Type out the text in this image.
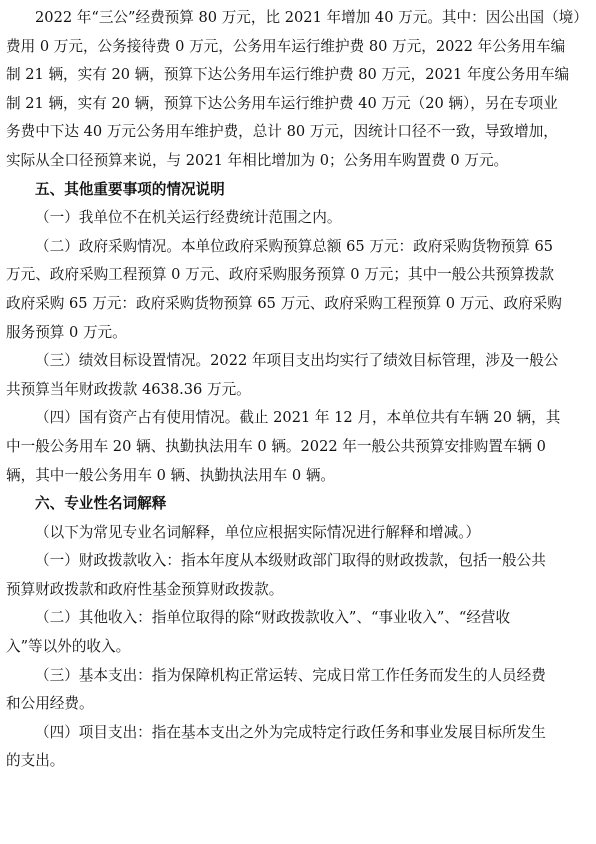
2022 年“三公”经费预算 80 万元，比 2021 年增加 40 万元。其中：因公出国（境）
费用 0 万元，公务接待费 0 万元，公务用车运行维护费 80 万元，2022 年公务用车编
制 21 辆，实有 20 辆，预算下达公务用车运行维护费 80 万元，2021 年度公务用车编
制 21 辆，实有 20 辆，预算下达公务用车运行维护费 40 万元（20 辆），另在专项业
务费中下达 40 万元公务用车维护费，总计 80 万元，因统计口径不一致，导致增加，
实际从全口径预算来说，与 2021 年相比增加为 0；公务用车购置费 0 万元。
五、其他重要事项的情况说明
（一）我单位不在机关运行经费统计范围之内。
（二）政府采购情况。本单位政府采购预算总额 65 万元：政府采购货物预算 65
万元、政府采购工程预算 0 万元、政府采购服务预算 0 万元；其中一般公共预算拨款
政府采购 65 万元：政府采购货物预算 65 万元、政府采购工程预算 0 万元、政府采购
服务预算 0 万元。
（三）绩效目标设置情况。2022 年项目支出均实行了绩效目标管理，涉及一般公
共预算当年财政拨款 4638.36 万元。
（四）国有资产占有使用情况。截止 2021 年 12 月，本单位共有车辆 20 辆，其
中一般公务用车 20 辆、执勤执法用车 0 辆。2022 年一般公共预算安排购置车辆 0
辆，其中一般公务用车 0 辆、执勤执法用车 0 辆。
六、专业性名词解释
（以下为常见专业名词解释，单位应根据实际情况进行解释和增减。）
（一）财政拨款收入：指本年度从本级财政部门取得的财政拨款，包括一般公共
预算财政拨款和政府性基金预算财政拨款。
（二）其他收入：指单位取得的除“财政拨款收入”、“事业收入”、“经营收
入”等以外的收入。
（三）基本支出：指为保障机构正常运转、完成日常工作任务而发生的人员经费
和公用经费。
（四）项目支出：指在基本支出之外为完成特定行政任务和事业发展目标所发生
的支出。
